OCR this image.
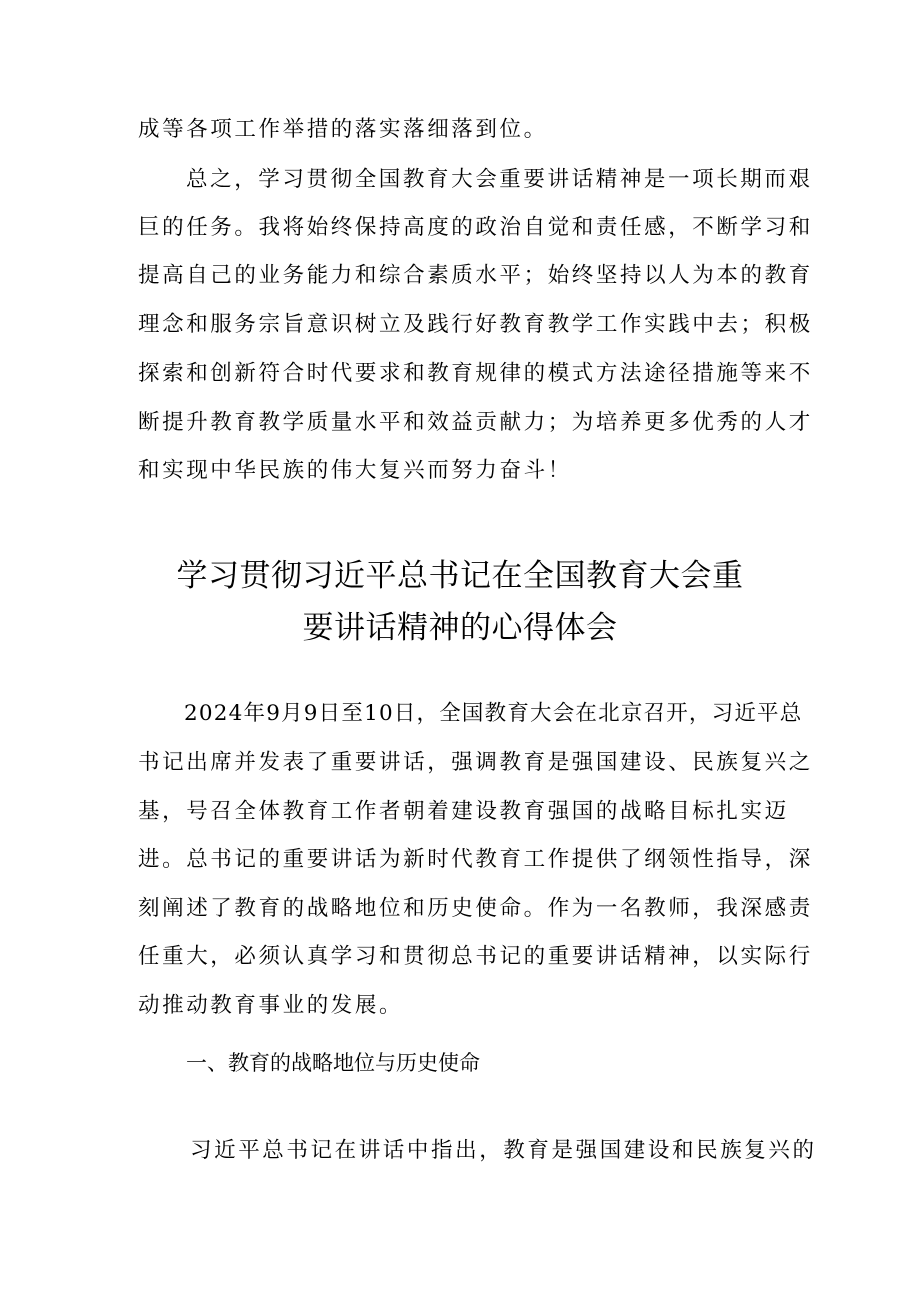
成等各项工作举措的落实落细落到位。
总之，学习贯彻全国教育大会重要讲话精神是一项长期而艰
巨的任务。我将始终保持高度的政治自觉和责任感，不断学习和
提高自己的业务能力和综合素质水平；始终坚持以人为本的教育
理念和服务宗旨意识树立及践行好教育教学工作实践中去；积极
探索和创新符合时代要求和教育规律的模式方法途径措施等来不
断提升教育教学质量水平和效益贡献力；为培养更多优秀的人才
和实现中华民族的伟大复兴而努力奋斗！
学习贯彻习近平总书记在全国教育大会重
要讲话精神的心得体会
2024年9月9日至10日，全国教育大会在北京召开，习近平总
书记出席并发表了重要讲话，强调教育是强国建设、民族复兴之
基，号召全体教育工作者朝着建设教育强国的战略目标扎实迈
进。总书记的重要讲话为新时代教育工作提供了纲领性指导，深
刻阐述了教育的战略地位和历史使命。作为一名教师，我深感责
任重大，必须认真学习和贯彻总书记的重要讲话精神，以实际行
动推动教育事业的发展。
一、教育的战略地位与历史使命
习近平总书记在讲话中指出，教育是强国建设和民族复兴的
